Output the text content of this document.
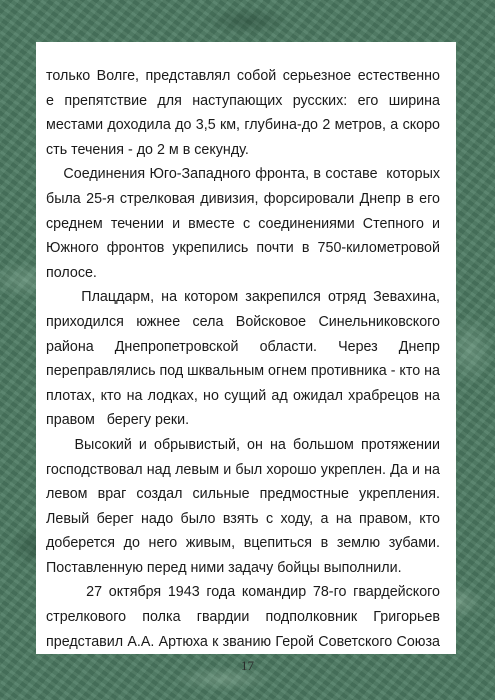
только Волге, представлял собой серьезное естественно
е препятствие для наступающих русских: его ширина
местами доходила до 3,5 км, глубина-до 2 метров, а скоро
сть течения - до 2 м в секунду.
Соединения Юго-Западного фронта, в составе  которых
была 25-я стрелковая дивизия, форсировали Днепр в его
среднем течении и вместе с соединениями Степного и
Южного фронтов укрепились почти в 750-километровой
полосе.
Плацдарм, на котором закрепился отряд Зевахина,
приходился южнее села Войсковое Синельниковского
района Днепропетровской области. Через Днепр
переправлялись под шквальным огнем противника - кто на
плотах, кто на лодках, но сущий ад ожидал храбрецов на
правом   берегу реки.
Высокий и обрывистый, он на большом протяжении
господствовал над левым и был хорошо укреплен. Да и на
левом враг создал сильные предмостные укрепления.
Левый берег надо было взять с ходу, а на правом, кто
доберется до него живым, вцепиться в землю зубами.
Поставленную перед ними задачу бойцы выполнили.
27 октября 1943 года командир 78-го гвардейского
стрелкового полка гвардии подполковник Григорьев
представил А.А. Артюха к званию Герой Советского Союза
17
